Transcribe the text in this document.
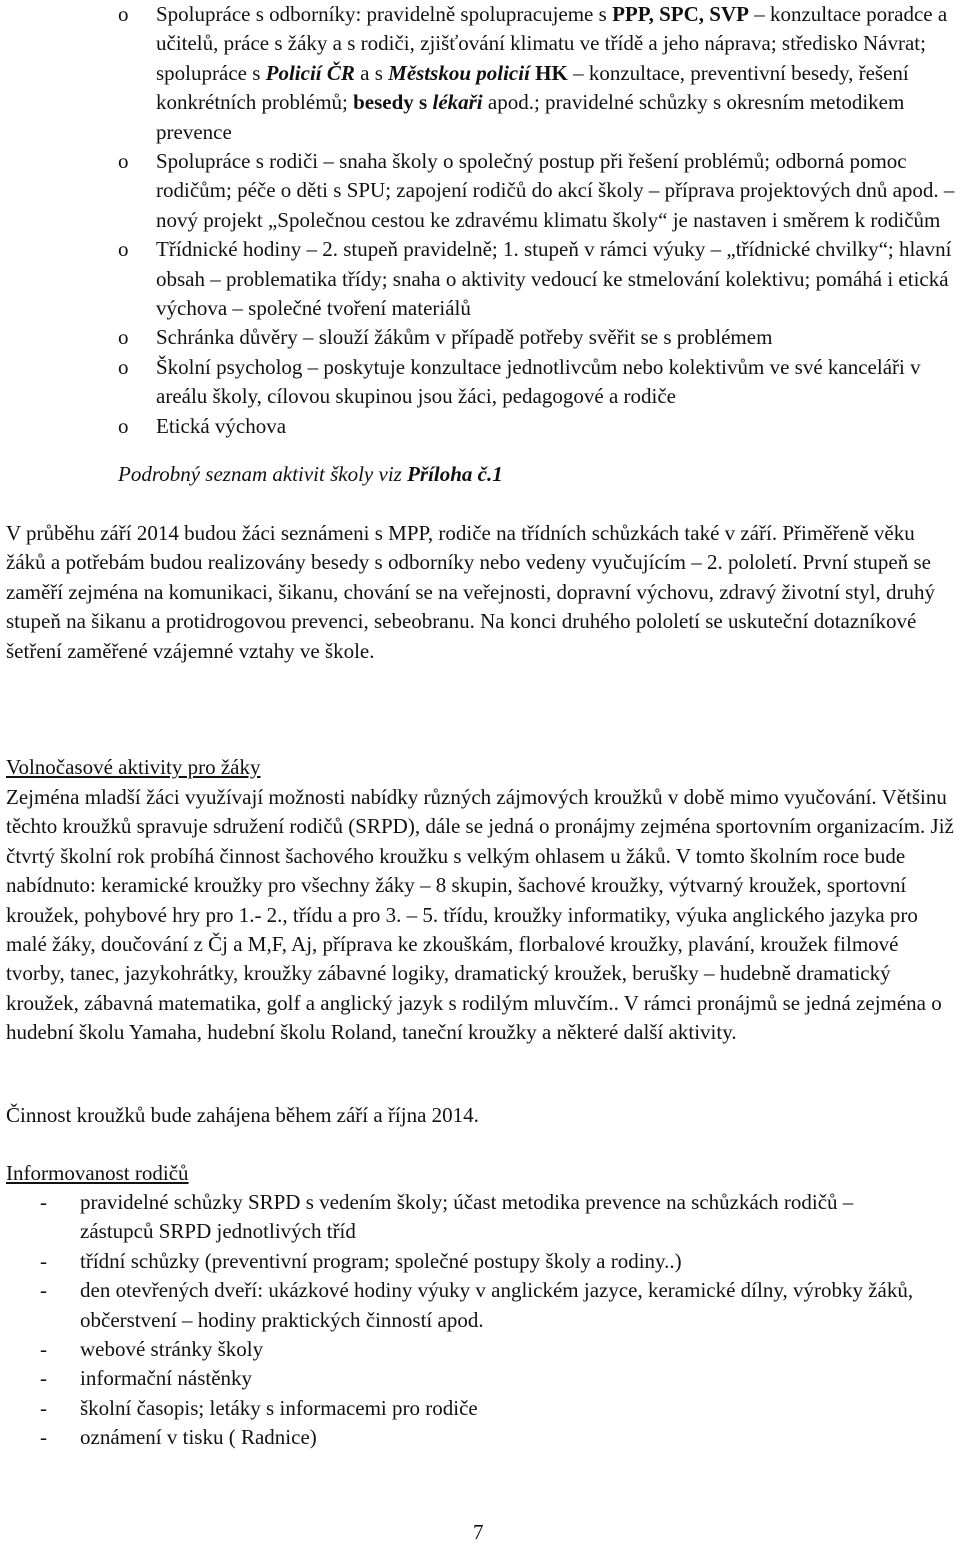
o Spolupráce s odborníky: pravidelně spolupracujeme s PPP, SPC, SVP – konzultace poradce a učitelů, práce s žáky a s rodiči, zjišťování klimatu ve třídě a jeho náprava; středisko Návrat; spolupráce s Policií ČR a s Městskou policií HK – konzultace, preventivní besedy, řešení konkrétních problémů; besedy s lékaři apod.; pravidelné schůzky s okresním metodikem prevence
o Spolupráce s rodiči – snaha školy o společný postup při řešení problémů; odborná pomoc rodičům; péče o děti s SPU; zapojení rodičů do akcí školy – příprava projektových dnů apod. – nový projekt „Společnou cestou ke zdravému klimatu školy“ je nastaven i směrem k rodičům
o Třídnické hodiny – 2. stupeň pravidelně; 1. stupeň v rámci výuky – „třídnické chvilky“; hlavní obsah – problematika třídy; snaha o aktivity vedoucí ke stmelování kolektivu; pomáhá i etická výchova – společné tvoření materiálů
o Schránka důvěry – slouží žákům v případě potřeby svěřit se s problémem
o Školní psycholog – poskytuje konzultace jednotlivcům nebo kolektivům ve své kanceláři v areálu školy, cílovou skupinou jsou žáci, pedagogové a rodiče
o Etická výchova
Podrobný seznam aktivit školy viz Příloha č.1

V průběhu září 2014 budou žáci seznámeni s MPP, rodiče na třídních schůzkách také v září. Přiměřeně věku žáků a potřebám budou realizovány besedy s odborníky nebo vedeny vyučujícím – 2. pololetí. První stupeň se zaměří zejména na komunikaci, šikanu, chování se na veřejnosti, dopravní výchovu, zdravý životní styl, druhý stupeň na šikanu a protidrogovou prevenci, sebeobranu. Na konci druhého pololetí se uskuteční dotazníkové šetření zaměřené vzájemné vztahy ve škole.

Volnočasové aktivity pro žáky

Zejména mladší žáci využívají možnosti nabídky různých zájmových kroužků v době mimo vyučování. Většinu těchto kroužků spravuje sdružení rodičů (SRPD), dále se jedná o pronájmy zejména sportovním organizacím. Již čtvrtý školní rok probíhá činnost šachového kroužku s velkým ohlasem u žáků. V tomto školním roce bude nabídnuto: keramické kroužky pro všechny žáky – 8 skupin, šachové kroužky, výtvarný kroužek, sportovní kroužek, pohybové hry pro 1.- 2., třídu a pro 3. – 5. třídu, kroužky informatiky, výuka anglického jazyka pro malé žáky, doučování z Čj a M,F, Aj, příprava ke zkouškám, florbalové kroužky, plavání, kroužek filmové tvorby, tanec, jazykohrátky, kroužky zábavné logiky, dramatický kroužek, berušky – hudebně dramatický kroužek, zábavná matematika, golf a anglický jazyk s rodilým mluvčím.. V rámci pronájmů se jedná zejména o hudební školu Yamaha, hudební školu Roland, taneční kroužky a některé další aktivity.

Činnost kroužků bude zahájena během září a října 2014.

Informovanost rodičů

- pravidelné schůzky SRPD s vedením školy; účast metodika prevence na schůzkách rodičů – zástupců SRPD jednotlivých tříd
- třídní schůzky (preventivní program; společné postupy školy a rodiny..)
- den otevřených dveří: ukázkové hodiny výuky v anglickém jazyce, keramické dílny, výrobky žáků, občerstvení – hodiny praktických činností apod.
- webové stránky školy
- informační nástěnky
- školní časopis; letáky s informacemi pro rodiče
- oznámení v tisku ( Radnice)
7
